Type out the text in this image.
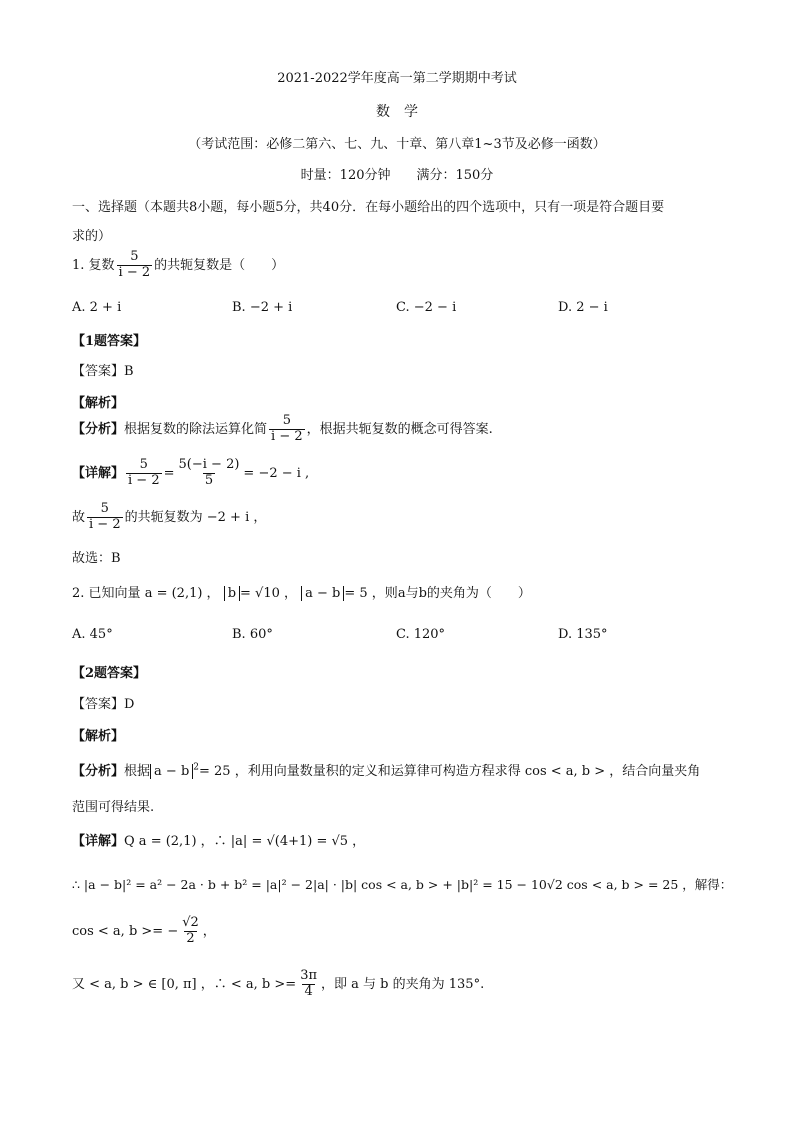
2021-2022学年度高一第二学期期中考试
数　学
（考试范围：必修二第六、七、九、十章、第八章1~3节及必修一函数）
时量：120分钟　　满分：150分
一、选择题（本题共8小题，每小题5分，共40分．在每小题给出的四个选项中，只有一项是符合题目要
求的）
1. 复数 $\frac{5}{i - 2}$ 的共轭复数是（　　）
A. 2 + i	B. −2 + i	C. −2 − i	D. 2 − i
【1题答案】
【答案】B
【解析】
【分析】根据复数的除法运算化简 $\frac{5}{i - 2}$ ，根据共轭复数的概念可得答案.
【详解】 $\frac{5}{i - 2} = \frac{5(-i - 2)}{5} = -2 - i$ ,
故 $\frac{5}{i - 2}$ 的共轭复数为 −2 + i ，
故选：B
2. 已知向量 a = (2,1) ， b = √10 ， a − b = 5 ，则a与b的夹角为（　　）
A. 45°	B. 60°	C. 120°	D. 135°
【2题答案】
【答案】D
【解析】
【分析】根据 a − b $^2$= 25 ，利用向量数量积的定义和运算律可构造方程求得 cos < a, b > ，结合向量夹角
范围可得结果.
【详解】Q a = (2,1) ，∴ |a| = √(4+1) = √5 ，
∴ |a − b|² = a² − 2a · b + b² = |a|² − 2|a| · |b| cos < a, b > + |b|² = 15 − 10√2 cos < a, b > = 25 ，解得：
cos < a, b >= − $\frac{√2}{2}$ ，
又 < a, b > ∈ [0, π] ，∴ < a, $b >= \frac{3\pi}{4}$ ，即 a 与 b 的夹角为 135°.
